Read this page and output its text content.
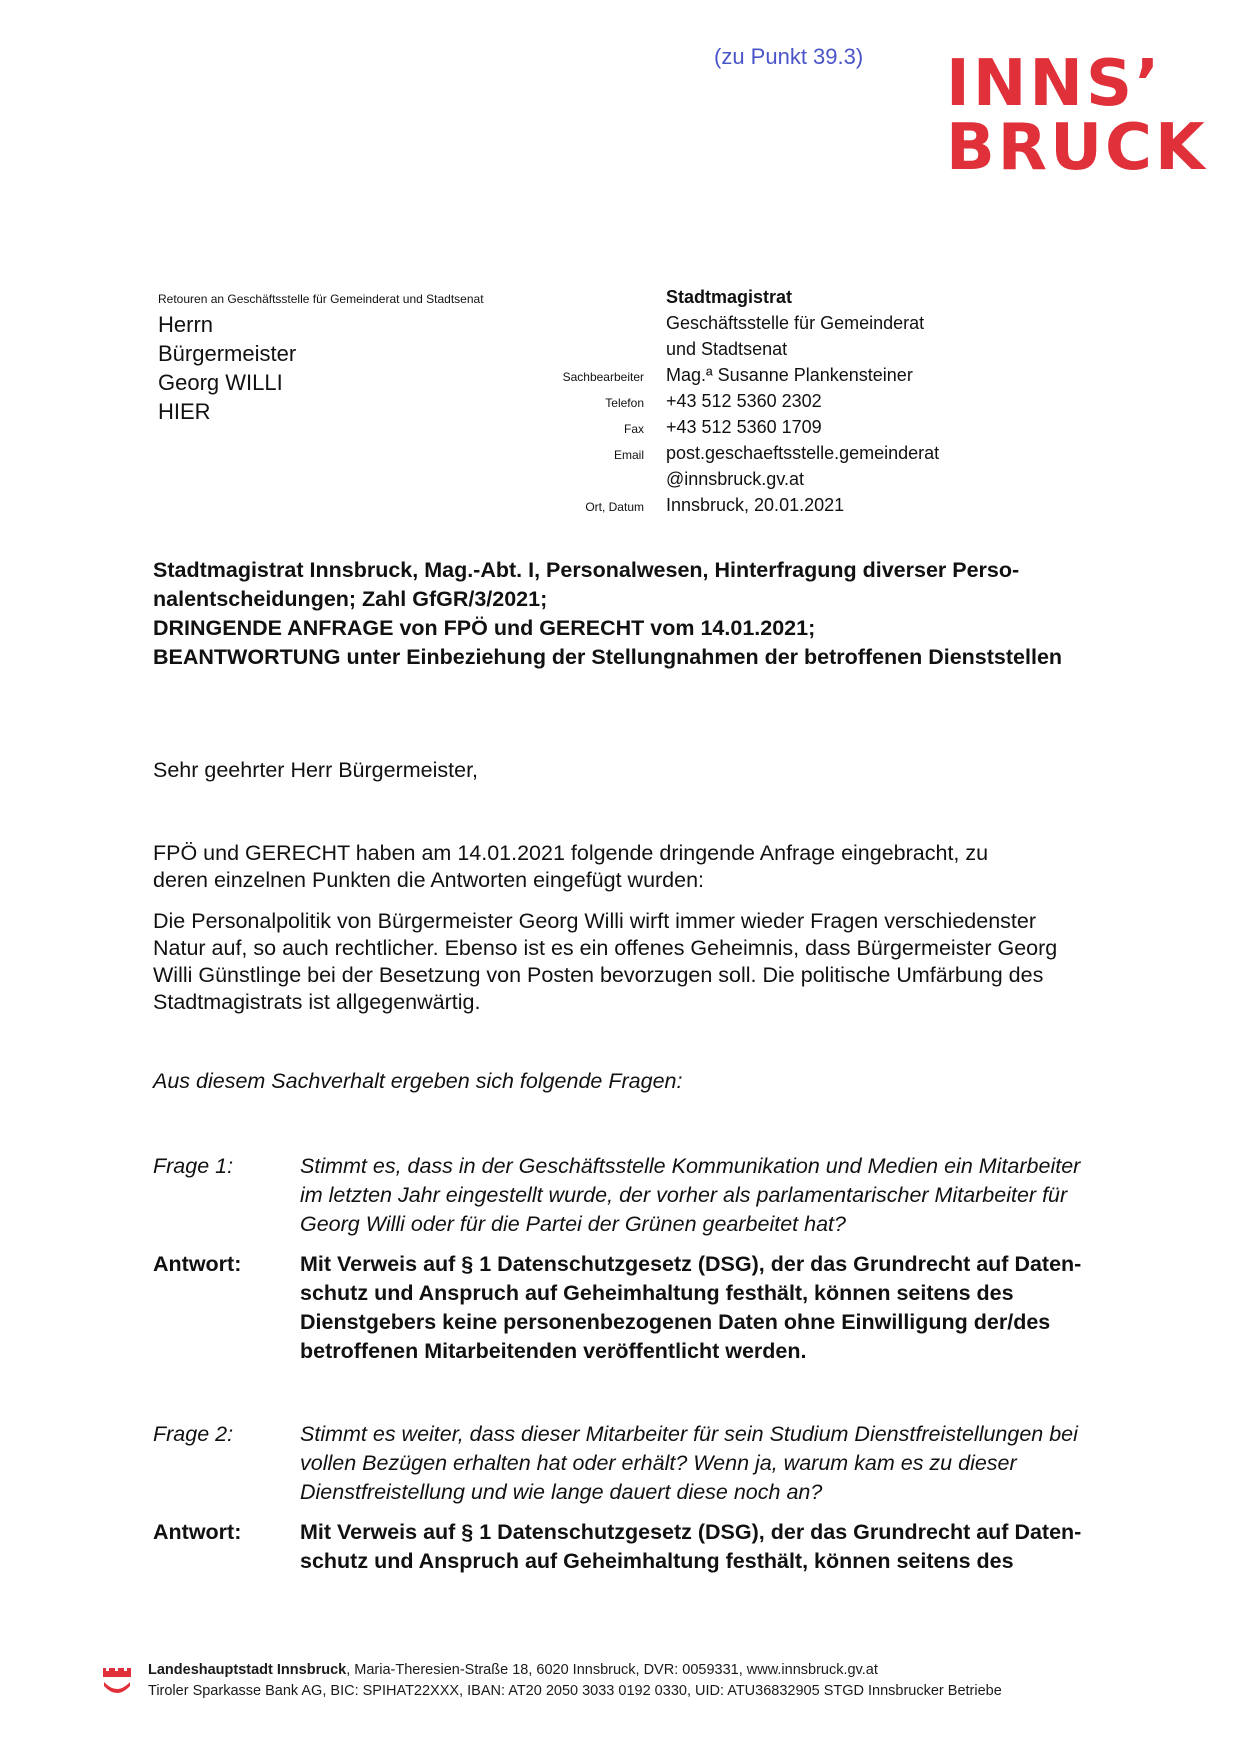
(zu Punkt 39.3) INNS’
BRUCK
Retouren an Geschäftsstelle für Gemeinderat und Stadtsenat
Herrn
Bürgermeister
Georg WILLI
HIER
Stadtmagistrat
Geschäftsstelle für Gemeinderat
und Stadtsenat
Sachbearbeiter	Mag.ª Susanne Plankensteiner
Telefon	+43 512 5360 2302
Fax	+43 512 5360 1709
Email	post.geschaeftsstelle.gemeinderat
@innsbruck.gv.at
Ort, Datum	Innsbruck, 20.01.2021
Stadtmagistrat Innsbruck, Mag.-Abt. I, Personalwesen, Hinterfragung diverser Perso-
nalentscheidungen; Zahl GfGR/3/2021;
DRINGENDE ANFRAGE von FPÖ und GERECHT vom 14.01.2021;
BEANTWORTUNG unter Einbeziehung der Stellungnahmen der betroffenen Dienststellen
Sehr geehrter Herr Bürgermeister,
FPÖ und GERECHT haben am 14.01.2021 folgende dringende Anfrage eingebracht, zu
deren einzelnen Punkten die Antworten eingefügt wurden:
Die Personalpolitik von Bürgermeister Georg Willi wirft immer wieder Fragen verschiedenster
Natur auf, so auch rechtlicher. Ebenso ist es ein offenes Geheimnis, dass Bürgermeister Georg
Willi Günstlinge bei der Besetzung von Posten bevorzugen soll. Die politische Umfärbung des
Stadtmagistrats ist allgegenwärtig.
Aus diesem Sachverhalt ergeben sich folgende Fragen:
Frage 1:	Stimmt es, dass in der Geschäftsstelle Kommunikation und Medien ein Mitarbeiter
im letzten Jahr eingestellt wurde, der vorher als parlamentarischer Mitarbeiter für
Georg Willi oder für die Partei der Grünen gearbeitet hat?
Antwort:	Mit Verweis auf § 1 Datenschutzgesetz (DSG), der das Grundrecht auf Daten-
schutz und Anspruch auf Geheimhaltung festhält, können seitens des
Dienstgebers keine personenbezogenen Daten ohne Einwilligung der/des
betroffenen Mitarbeitenden veröffentlicht werden.
Frage 2:	Stimmt es weiter, dass dieser Mitarbeiter für sein Studium Dienstfreistellungen bei
vollen Bezügen erhalten hat oder erhält? Wenn ja, warum kam es zu dieser
Dienstfreistellung und wie lange dauert diese noch an?
Antwort:	Mit Verweis auf § 1 Datenschutzgesetz (DSG), der das Grundrecht auf Daten-
schutz und Anspruch auf Geheimhaltung festhält, können seitens des
Landeshauptstadt Innsbruck, Maria-Theresien-Straße 18, 6020 Innsbruck, DVR: 0059331, www.innsbruck.gv.at
Tiroler Sparkasse Bank AG, BIC: SPIHAT22XXX, IBAN: AT20 2050 3033 0192 0330, UID: ATU36832905 STGD Innsbrucker Betriebe
